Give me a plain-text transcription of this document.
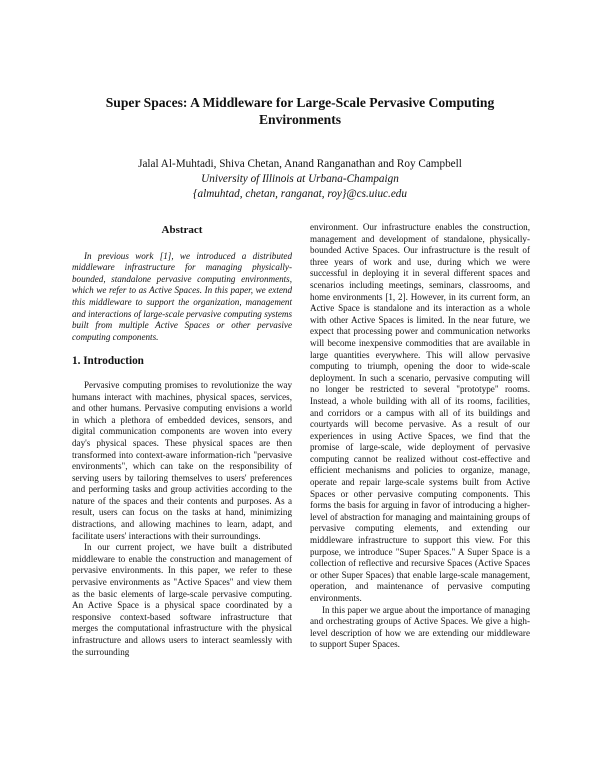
Super Spaces: A Middleware for Large-Scale Pervasive Computing
Environments
Jalal Al-Muhtadi, Shiva Chetan, Anand Ranganathan and Roy Campbell
University of Illinois at Urbana-Champaign
{almuhtad, chetan, ranganat, roy}@cs.uiuc.edu
Abstract

In previous work [1], we introduced a distributed middleware infrastructure for managing physically-bounded, standalone pervasive computing environments, which we refer to as Active Spaces. In this paper, we extend this middleware to support the organization, management and interactions of large-scale pervasive computing systems built from multiple Active Spaces or other pervasive computing components.

1. Introduction

Pervasive computing promises to revolutionize the way humans interact with machines, physical spaces, services, and other humans. Pervasive computing envisions a world in which a plethora of embedded devices, sensors, and digital communication components are woven into every day's physical spaces. These physical spaces are then transformed into context-aware information-rich "pervasive environments", which can take on the responsibility of serving users by tailoring themselves to users' preferences and performing tasks and group activities according to the nature of the spaces and their contents and purposes. As a result, users can focus on the tasks at hand, minimizing distractions, and allowing machines to learn, adapt, and facilitate users' interactions with their surroundings.

In our current project, we have built a distributed middleware to enable the construction and management of pervasive environments. In this paper, we refer to these pervasive environments as "Active Spaces" and view them as the basic elements of large-scale pervasive computing. An Active Space is a physical space coordinated by a responsive context-based software infrastructure that merges the computational infrastructure with the physical infrastructure and allows users to interact seamlessly with the surrounding

environment. Our infrastructure enables the construction, management and development of standalone, physically-bounded Active Spaces. Our infrastructure is the result of three years of work and use, during which we were successful in deploying it in several different spaces and scenarios including meetings, seminars, classrooms, and home environments [1, 2]. However, in its current form, an Active Space is standalone and its interaction as a whole with other Active Spaces is limited. In the near future, we expect that processing power and communication networks will become inexpensive commodities that are available in large quantities everywhere. This will allow pervasive computing to triumph, opening the door to wide-scale deployment. In such a scenario, pervasive computing will no longer be restricted to several "prototype" rooms. Instead, a whole building with all of its rooms, facilities, and corridors or a campus with all of its buildings and courtyards will become pervasive. As a result of our experiences in using Active Spaces, we find that the promise of large-scale, wide deployment of pervasive computing cannot be realized without cost-effective and efficient mechanisms and policies to organize, manage, operate and repair large-scale systems built from Active Spaces or other pervasive computing components. This forms the basis for arguing in favor of introducing a higher-level of abstraction for managing and maintaining groups of pervasive computing elements, and extending our middleware infrastructure to support this view. For this purpose, we introduce "Super Spaces." A Super Space is a collection of reflective and recursive Spaces (Active Spaces or other Super Spaces) that enable large-scale management, operation, and maintenance of pervasive computing environments.

In this paper we argue about the importance of managing and orchestrating groups of Active Spaces. We give a high-level description of how we are extending our middleware to support Super Spaces.
